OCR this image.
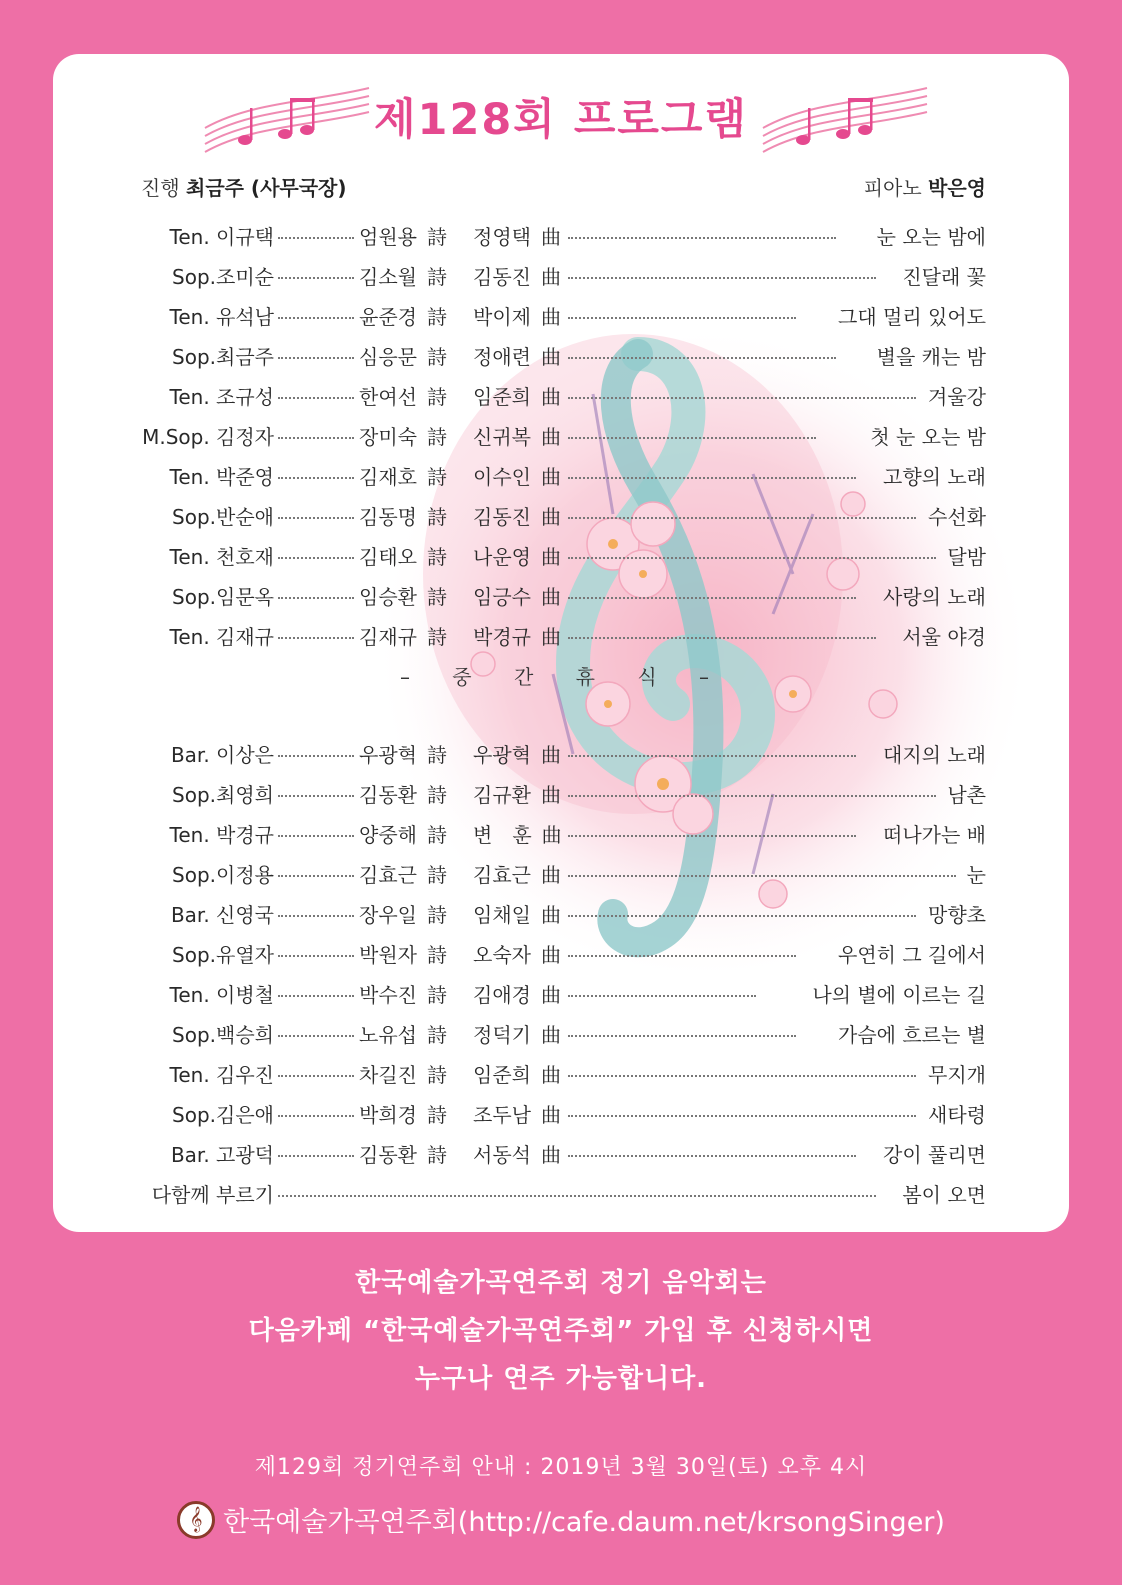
제128회 프로그램
진행 최금주 (사무국장)	피아노 박은영
Ten. 이규택	엄원용 詩 정영택 曲	눈 오는 밤에
Sop.조미순	김소월 詩 김동진 曲	진달래 꽃
Ten. 유석남	윤준경 詩 박이제 曲	그대 멀리 있어도
Sop.최금주	심응문 詩 정애련 曲	별을 캐는 밤
Ten. 조규성	한여선 詩 임준희 曲	겨울강
M.Sop. 김정자	장미숙 詩 신귀복 曲	첫 눈 오는 밤
Ten. 박준영	김재호 詩 이수인 曲	고향의 노래
Sop.반순애	김동명 詩 김동진 曲	수선화
Ten. 천호재	김태오 詩 나운영 曲	달밤
Sop.임문옥	임승환 詩 임긍수 曲	사랑의 노래
Ten. 김재규	김재규 詩 박경규 曲	서울 야경
– 중 간 휴 식 –
Bar. 이상은	우광혁 詩 우광혁 曲	대지의 노래
Sop.최영희	김동환 詩 김규환 曲	남촌
Ten. 박경규	양중해 詩 변　훈 曲	떠나가는 배
Sop.이정용	김효근 詩 김효근 曲	눈
Bar. 신영국	장우일 詩 임채일 曲	망향초
Sop.유열자	박원자 詩 오숙자 曲	우연히 그 길에서
Ten. 이병철	박수진 詩 김애경 曲	나의 별에 이르는 길
Sop.백승희	노유섭 詩 정덕기 曲	가슴에 흐르는 별
Ten. 김우진	차길진 詩 임준희 曲	무지개
Sop.김은애	박희경 詩 조두남 曲	새타령
Bar. 고광덕	김동환 詩 서동석 曲	강이 풀리면
다함께 부르기	봄이 오면
한국예술가곡연주회 정기 음악회는
다음카페 “한국예술가곡연주회” 가입 후 신청하시면
누구나 연주 가능합니다.
제129회 정기연주회 안내 : 2019년 3월 30일(토) 오후 4시
𝄞 한국예술가곡연주회(http://cafe.daum.net/krsongSinger)
